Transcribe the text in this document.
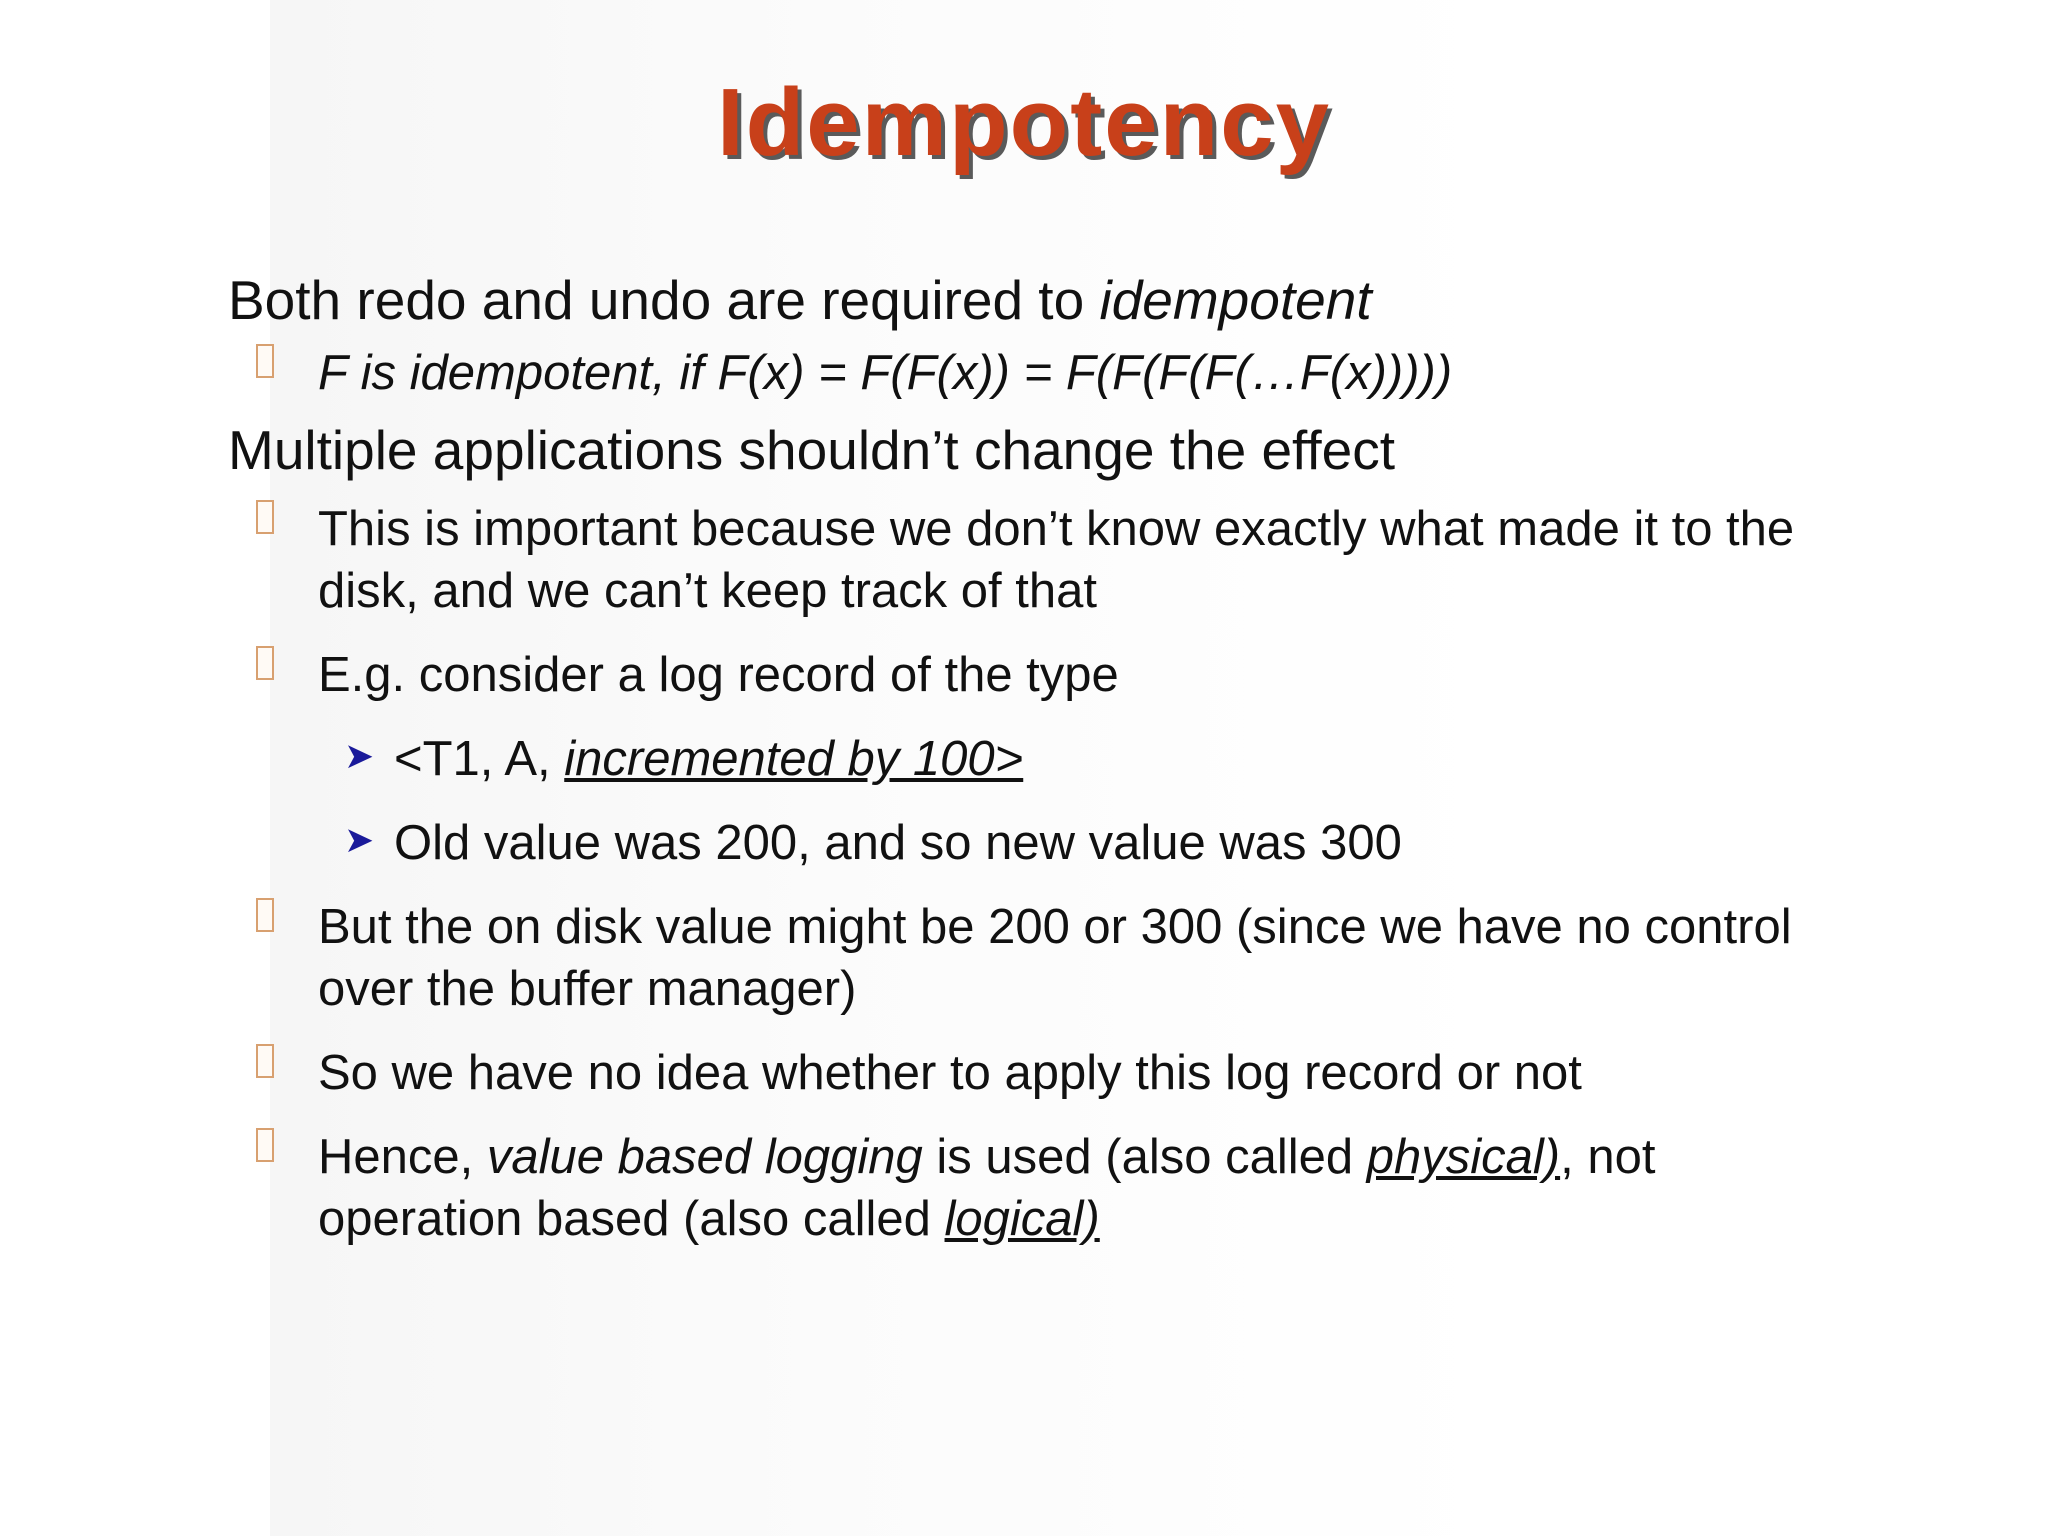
Idempotency
Both redo and undo are required to idempotent
F is idempotent, if F(x) = F(F(x)) = F(F(F(F(…F(x)))))
Multiple applications shouldn’t change the effect
This is important because we don’t know exactly what made it to the disk, and we can’t keep track of that
E.g. consider a log record of the type
➤ <T1, A, incremented by 100>
➤ Old value was 200, and so new value was 300
But the on disk value might be 200 or 300 (since we have no control over the buffer manager)
So we have no idea whether to apply this log record or not
Hence, value based logging is used (also called physical), not operation based (also called logical)
